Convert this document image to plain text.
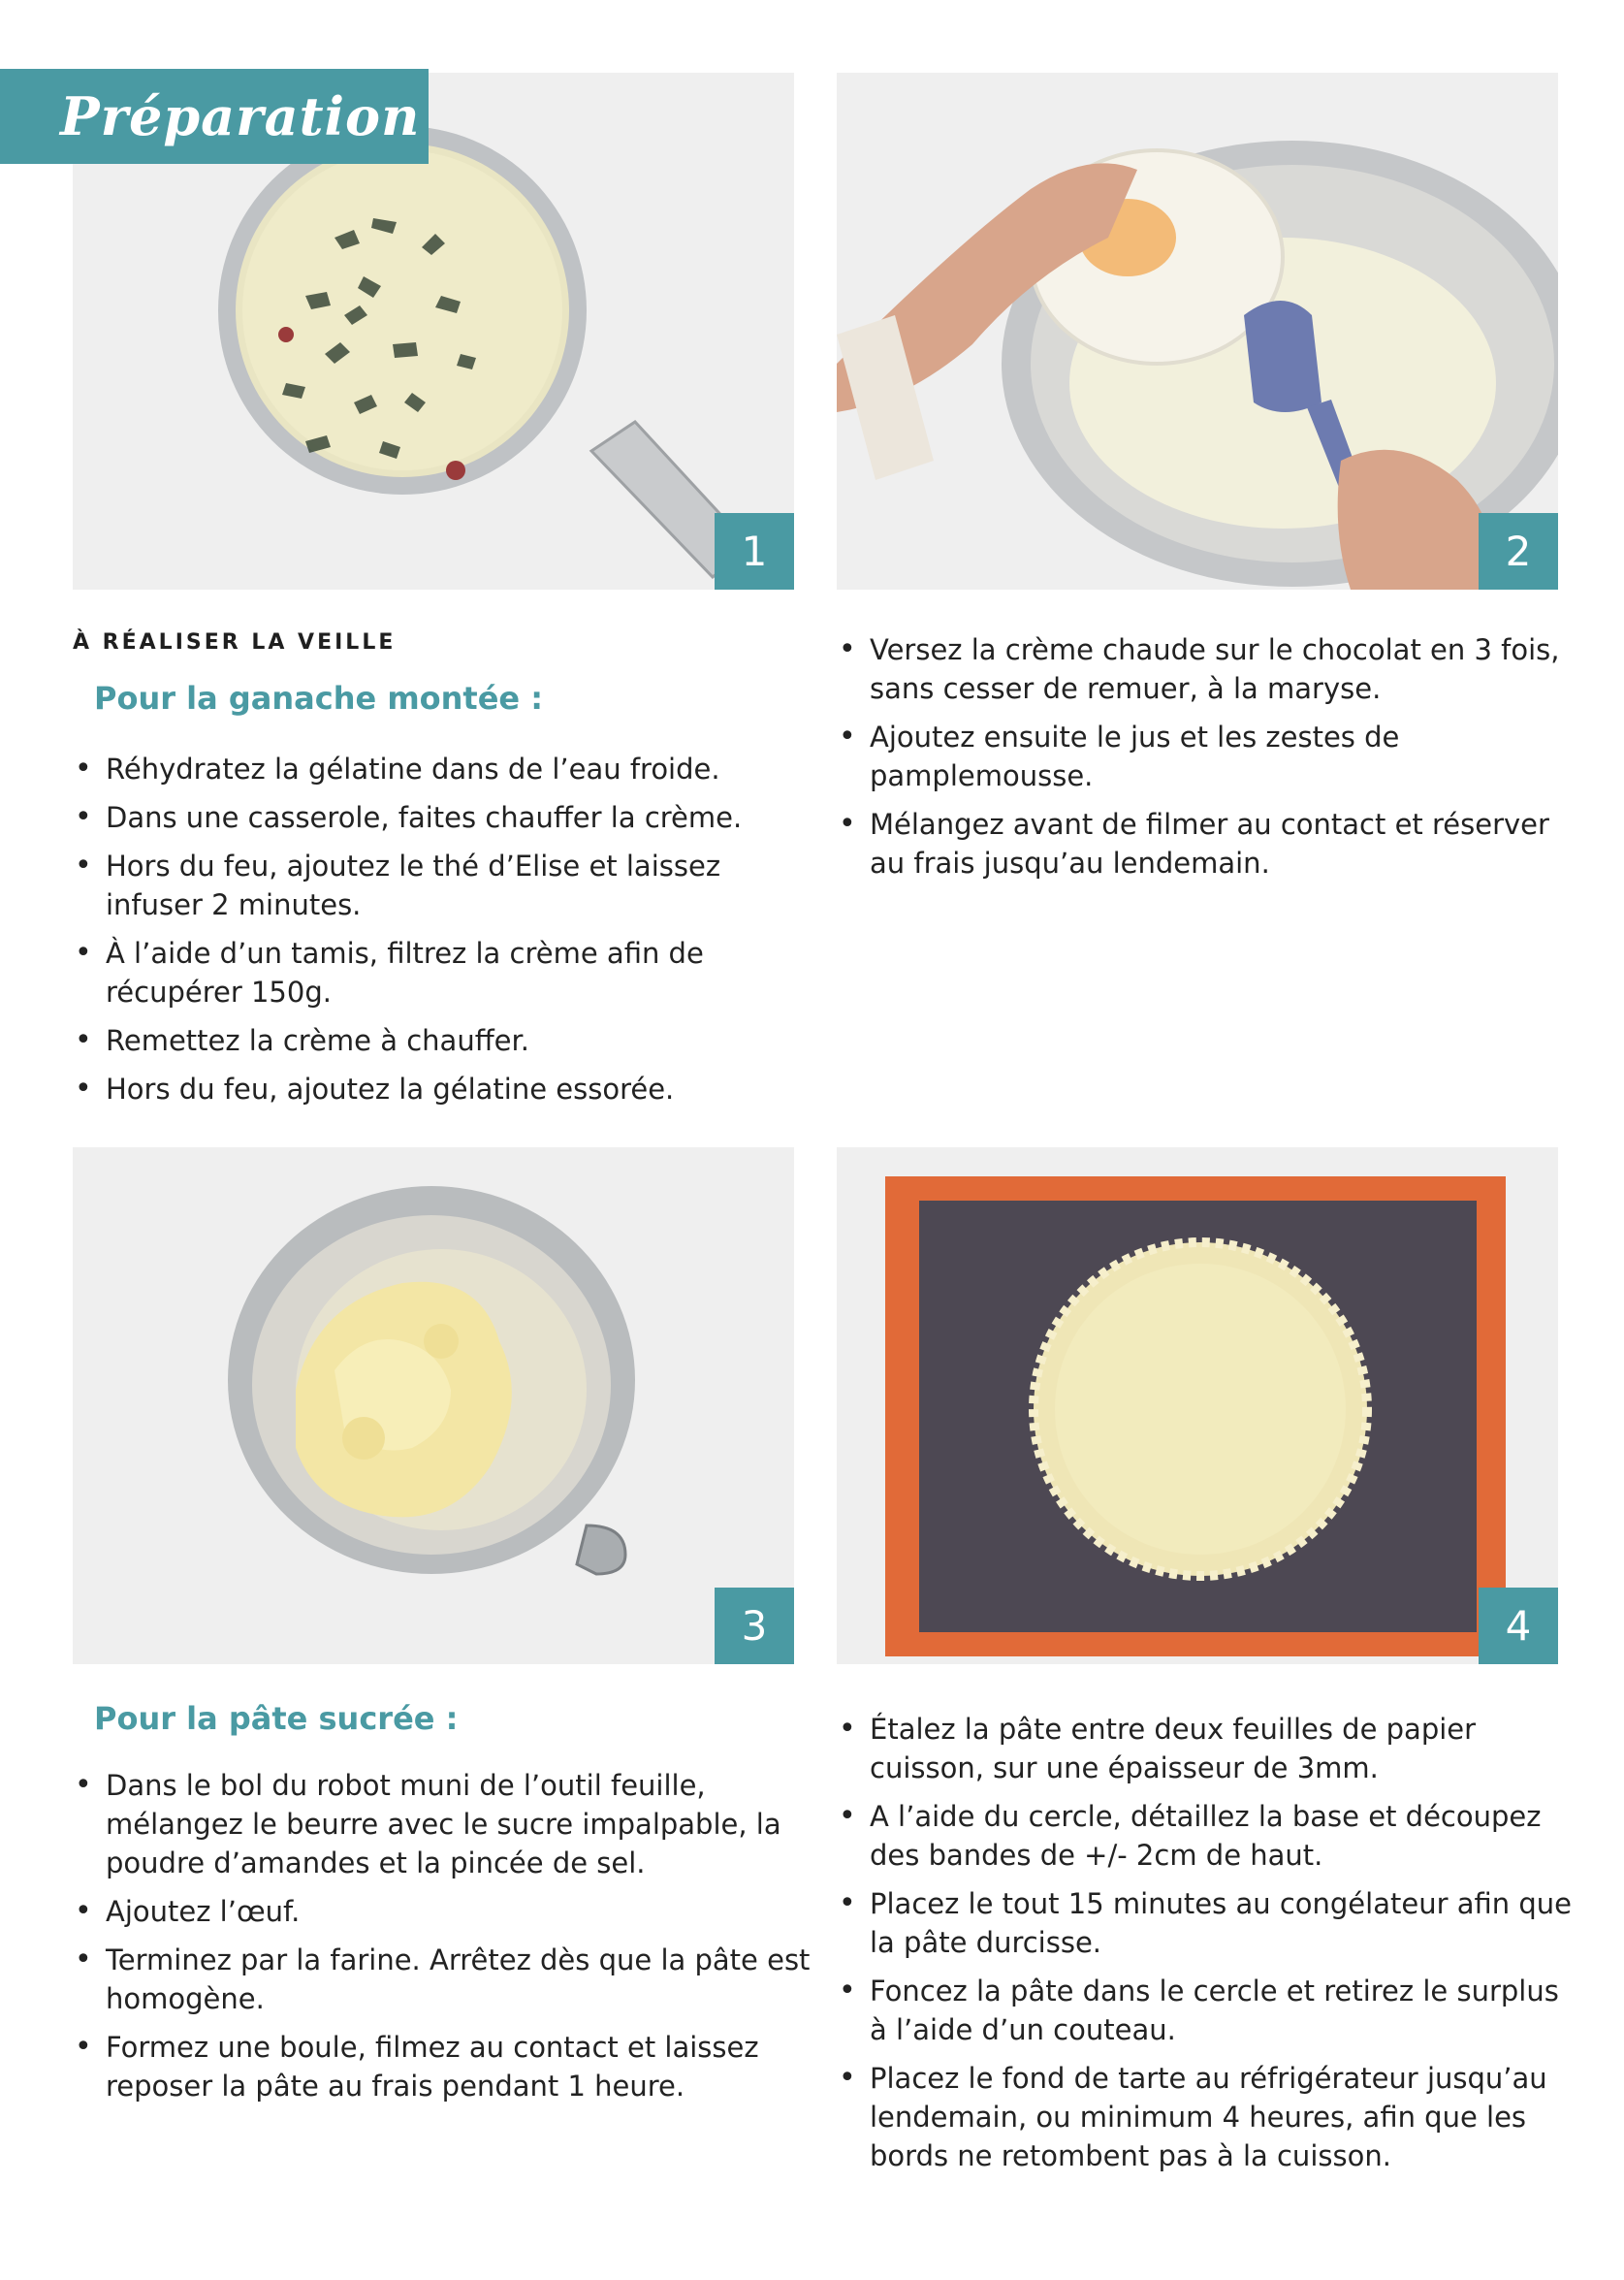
1	2
Préparation
À RÉALISER LA VEILLE
Pour la ganache montée :
• Réhydratez la gélatine dans de l’eau froide.
• Dans une casserole, faites chauffer la crème.
• Hors du feu, ajoutez le thé d’Elise et laissez infuser 2 minutes.
• À l’aide d’un tamis, filtrez la crème afin de récupérer 150g.
• Remettez la crème à chauffer.
• Hors du feu, ajoutez la gélatine essorée.
• Versez la crème chaude sur le chocolat en 3 fois, sans cesser de remuer, à la maryse.
• Ajoutez ensuite le jus et les zestes de pamplemousse.
• Mélangez avant de filmer au contact et réserver au frais jusqu’au lendemain.
3	4
Pour la pâte sucrée :
• Dans le bol du robot muni de l’outil feuille, mélangez le beurre avec le sucre impalpable, la poudre d’amandes et la pincée de sel.
• Ajoutez l’œuf.
• Terminez par la farine. Arrêtez dès que la pâte est homogène.
• Formez une boule, filmez au contact et laissez reposer la pâte au frais pendant 1 heure.
• Étalez la pâte entre deux feuilles de papier cuisson, sur une épaisseur de 3mm.
• A l’aide du cercle, détaillez la base et découpez des bandes de +/- 2cm de haut.
• Placez le tout 15 minutes au congélateur afin que la pâte durcisse.
• Foncez la pâte dans le cercle et retirez le surplus à l’aide d’un couteau.
• Placez le fond de tarte au réfrigérateur jusqu’au lendemain, ou minimum 4 heures, afin que les bords ne retombent pas à la cuisson.
